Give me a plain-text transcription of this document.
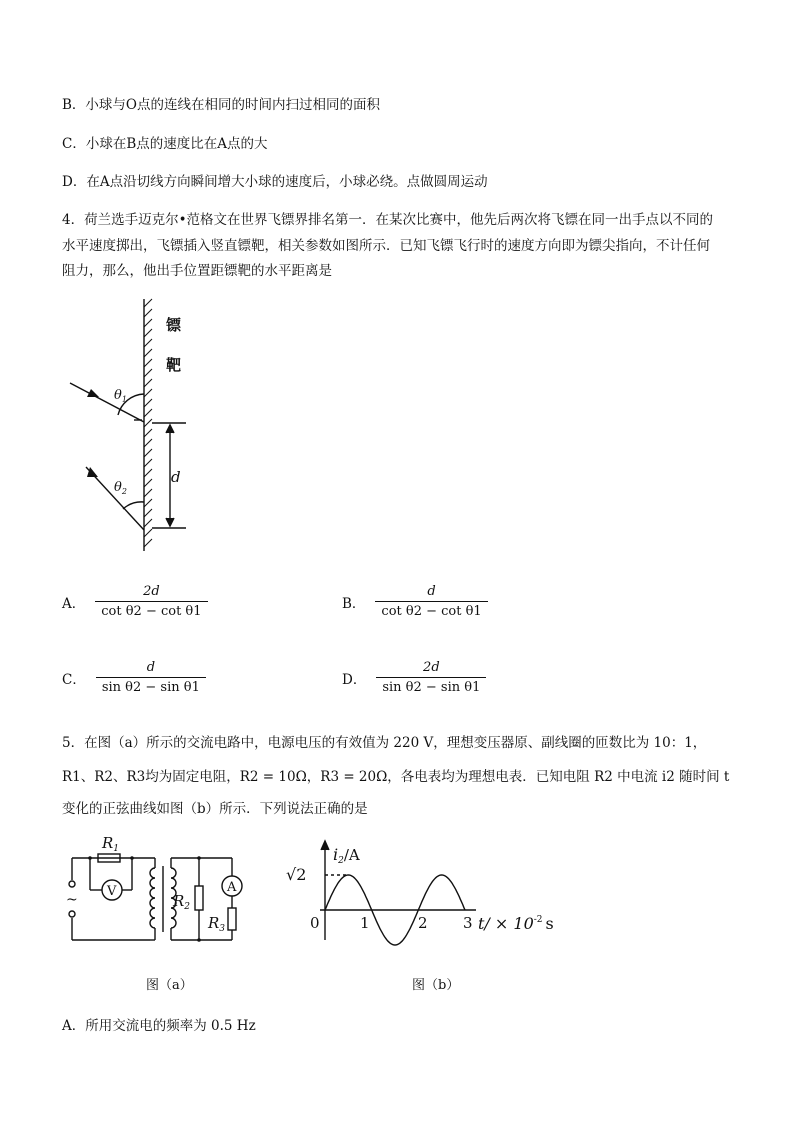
B．小球与O点的连线在相同的时间内扫过相同的面积
C．小球在B点的速度比在A点的大
D．在A点沿切线方向瞬间增大小球的速度后，小球必绕。点做圆周运动
4．荷兰选手迈克尔•范格文在世界飞镖界排名第一．在某次比赛中，他先后两次将飞镖在同一出手点以不同的
水平速度掷出，飞镖插入竖直镖靶，相关参数如图所示．已知飞镖飞行时的速度方向即为镖尖指向，不计任何
阻力，那么，他出手位置距镖靶的水平距离是
镖
靶
$\theta_1$
$\theta_2$
d
A． $\frac{2d}{\text{cot θ2 − cot θ1}}$	B． $\frac{d}{\text{cot θ2 − cot θ1}}$
C． $\frac{d}{\text{sin θ2 − sin θ1}}$	D． $\frac{2d}{\text{sin θ2 − sin θ1}}$
5．在图（a）所示的交流电路中，电源电压的有效值为 220 V，理想变压器原、副线圈的匝数比为 10：1，
R1、R2、R3均为固定电阻，R2 = 10Ω，R3 = 20Ω，各电表均为理想电表．已知电阻 R2 中电流 i2 随时间 t
变化的正弦曲线如图（b）所示．下列说法正确的是
$R_1$
V
~	$R_2$
A
$R_3$
i2/A
√2
0	1	2 3 $t/ \times 10^{-2}$ s
图（a）	图（b）
A．所用交流电的频率为 0.5 Hz
